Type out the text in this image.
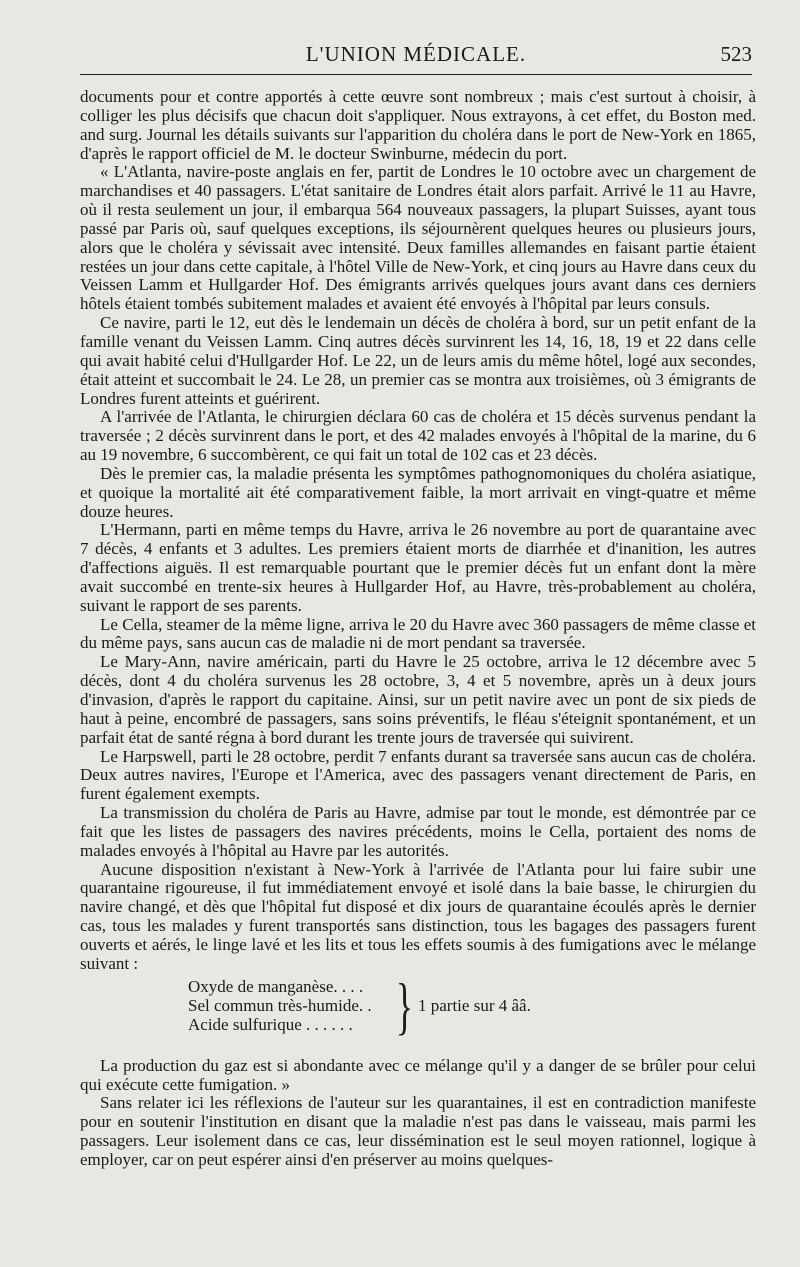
L'UNION MÉDICALE.	523

documents pour et contre apportés à cette œuvre sont nombreux ; mais c'est surtout à choisir, à colliger les plus décisifs que chacun doit s'appliquer. Nous extrayons, à cet effet, du Boston med. and surg. Journal les détails suivants sur l'apparition du choléra dans le port de New-York en 1865, d'après le rapport officiel de M. le docteur Swinburne, médecin du port.

« L'Atlanta, navire-poste anglais en fer, partit de Londres le 10 octobre avec un chargement de marchandises et 40 passagers. L'état sanitaire de Londres était alors parfait. Arrivé le 11 au Havre, où il resta seulement un jour, il embarqua 564 nouveaux passagers, la plupart Suisses, ayant tous passé par Paris où, sauf quelques exceptions, ils séjournèrent quelques heures ou plusieurs jours, alors que le choléra y sévissait avec intensité. Deux familles allemandes en faisant partie étaient restées un jour dans cette capitale, à l'hôtel Ville de New-York, et cinq jours au Havre dans ceux du Veissen Lamm et Hullgarder Hof. Des émigrants arrivés quelques jours avant dans ces derniers hôtels étaient tombés subitement malades et avaient été envoyés à l'hôpital par leurs consuls.

Ce navire, parti le 12, eut dès le lendemain un décès de choléra à bord, sur un petit enfant de la famille venant du Veissen Lamm. Cinq autres décès survinrent les 14, 16, 18, 19 et 22 dans celle qui avait habité celui d'Hullgarder Hof. Le 22, un de leurs amis du même hôtel, logé aux secondes, était atteint et succombait le 24. Le 28, un premier cas se montra aux troisièmes, où 3 émigrants de Londres furent atteints et guérirent.

A l'arrivée de l'Atlanta, le chirurgien déclara 60 cas de choléra et 15 décès survenus pendant la traversée ; 2 décès survinrent dans le port, et des 42 malades envoyés à l'hôpital de la marine, du 6 au 19 novembre, 6 succombèrent, ce qui fait un total de 102 cas et 23 décès.

Dès le premier cas, la maladie présenta les symptômes pathognomoniques du choléra asiatique, et quoique la mortalité ait été comparativement faible, la mort arrivait en vingt-quatre et même douze heures.

L'Hermann, parti en même temps du Havre, arriva le 26 novembre au port de quarantaine avec 7 décès, 4 enfants et 3 adultes. Les premiers étaient morts de diarrhée et d'inanition, les autres d'affections aiguës. Il est remarquable pourtant que le premier décès fut un enfant dont la mère avait succombé en trente-six heures à Hullgarder Hof, au Havre, très-probablement au choléra, suivant le rapport de ses parents.

Le Cella, steamer de la même ligne, arriva le 20 du Havre avec 360 passagers de même classe et du même pays, sans aucun cas de maladie ni de mort pendant sa traversée.

Le Mary-Ann, navire américain, parti du Havre le 25 octobre, arriva le 12 décembre avec 5 décès, dont 4 du choléra survenus les 28 octobre, 3, 4 et 5 novembre, après un à deux jours d'invasion, d'après le rapport du capitaine. Ainsi, sur un petit navire avec un pont de six pieds de haut à peine, encombré de passagers, sans soins préventifs, le fléau s'éteignit spontanément, et un parfait état de santé régna à bord durant les trente jours de traversée qui suivirent.

Le Harpswell, parti le 28 octobre, perdit 7 enfants durant sa traversée sans aucun cas de choléra. Deux autres navires, l'Europe et l'America, avec des passagers venant directement de Paris, en furent également exempts.

La transmission du choléra de Paris au Havre, admise par tout le monde, est démontrée par ce fait que les listes de passagers des navires précédents, moins le Cella, portaient des noms de malades envoyés à l'hôpital au Havre par les autorités.

Aucune disposition n'existant à New-York à l'arrivée de l'Atlanta pour lui faire subir une quarantaine rigoureuse, il fut immédiatement envoyé et isolé dans la baie basse, le chirurgien du navire changé, et dès que l'hôpital fut disposé et dix jours de quarantaine écoulés après le dernier cas, tous les malades y furent transportés sans distinction, tous les bagages des passagers furent ouverts et aérés, le linge lavé et les lits et tous les effets soumis à des fumigations avec le mélange suivant :

Oxyde de manganèse. . . .
Sel commun très-humide. .
Acide sulfurique . . . . . . } 1 partie sur 4 ââ.

La production du gaz est si abondante avec ce mélange qu'il y a danger de se brûler pour celui qui exécute cette fumigation. »

Sans relater ici les réflexions de l'auteur sur les quarantaines, il est en contradiction manifeste pour en soutenir l'institution en disant que la maladie n'est pas dans le vaisseau, mais parmi les passagers. Leur isolement dans ce cas, leur dissémination est le seul moyen rationnel, logique à employer, car on peut espérer ainsi d'en préserver au moins quelques-
